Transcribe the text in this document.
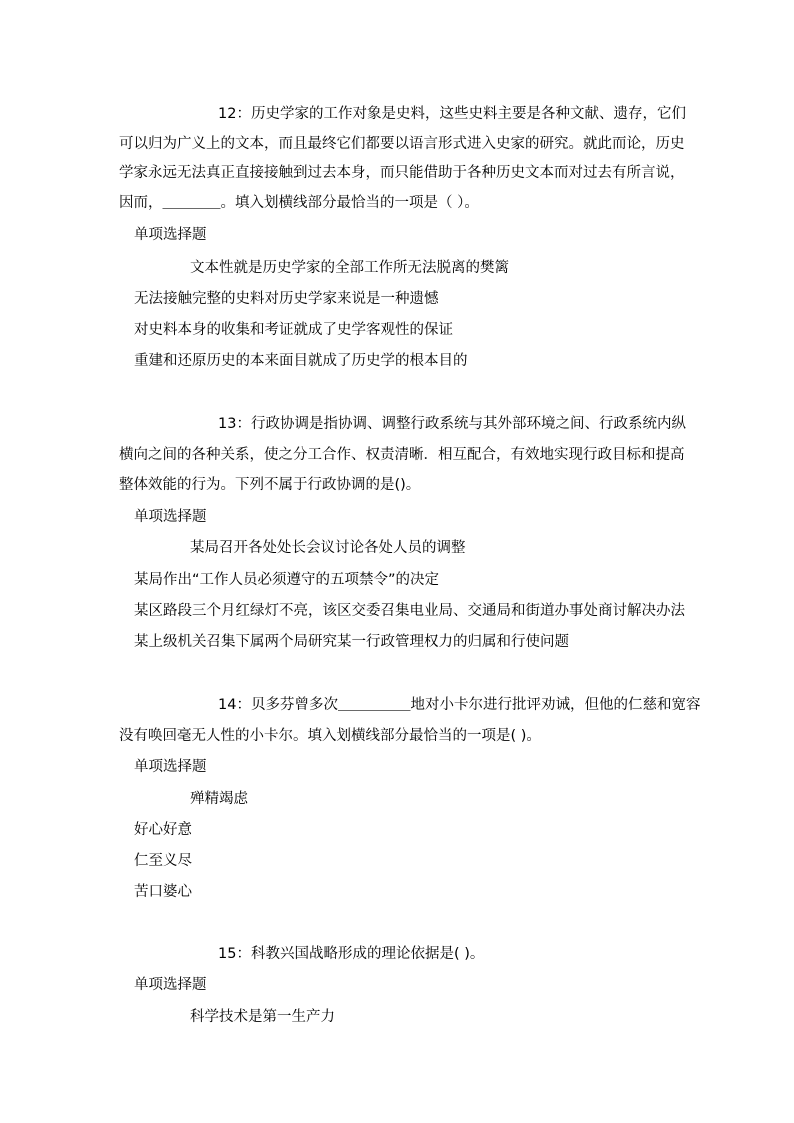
12：历史学家的工作对象是史料，这些史料主要是各种文献、遗存，它们
可以归为广义上的文本，而且最终它们都要以语言形式进入史家的研究。就此而论，历史
学家永远无法真正直接接触到过去本身，而只能借助于各种历史文本而对过去有所言说，
因而，＿＿＿＿。填入划横线部分最恰当的一项是（ ）。
单项选择题
文本性就是历史学家的全部工作所无法脱离的樊篱
无法接触完整的史料对历史学家来说是一种遗憾
对史料本身的收集和考证就成了史学客观性的保证
重建和还原历史的本来面目就成了历史学的根本目的
13：行政协调是指协调、调整行政系统与其外部环境之间、行政系统内纵
横向之间的各种关系，使之分工合作、权责清晰．相互配合，有效地实现行政目标和提高
整体效能的行为。下列不属于行政协调的是()。
单项选择题
某局召开各处处长会议讨论各处人员的调整
某局作出“工作人员必须遵守的五项禁令”的决定
某区路段三个月红绿灯不亮，该区交委召集电业局、交通局和街道办事处商讨解决办法
某上级机关召集下属两个局研究某一行政管理权力的归属和行使问题
14：贝多芬曾多次＿＿＿＿＿地对小卡尔进行批评劝诫，但他的仁慈和宽容
没有唤回毫无人性的小卡尔。填入划横线部分最恰当的一项是( )。
单项选择题
殚精竭虑
好心好意
仁至义尽
苦口婆心
15：科教兴国战略形成的理论依据是( )。
单项选择题
科学技术是第一生产力
